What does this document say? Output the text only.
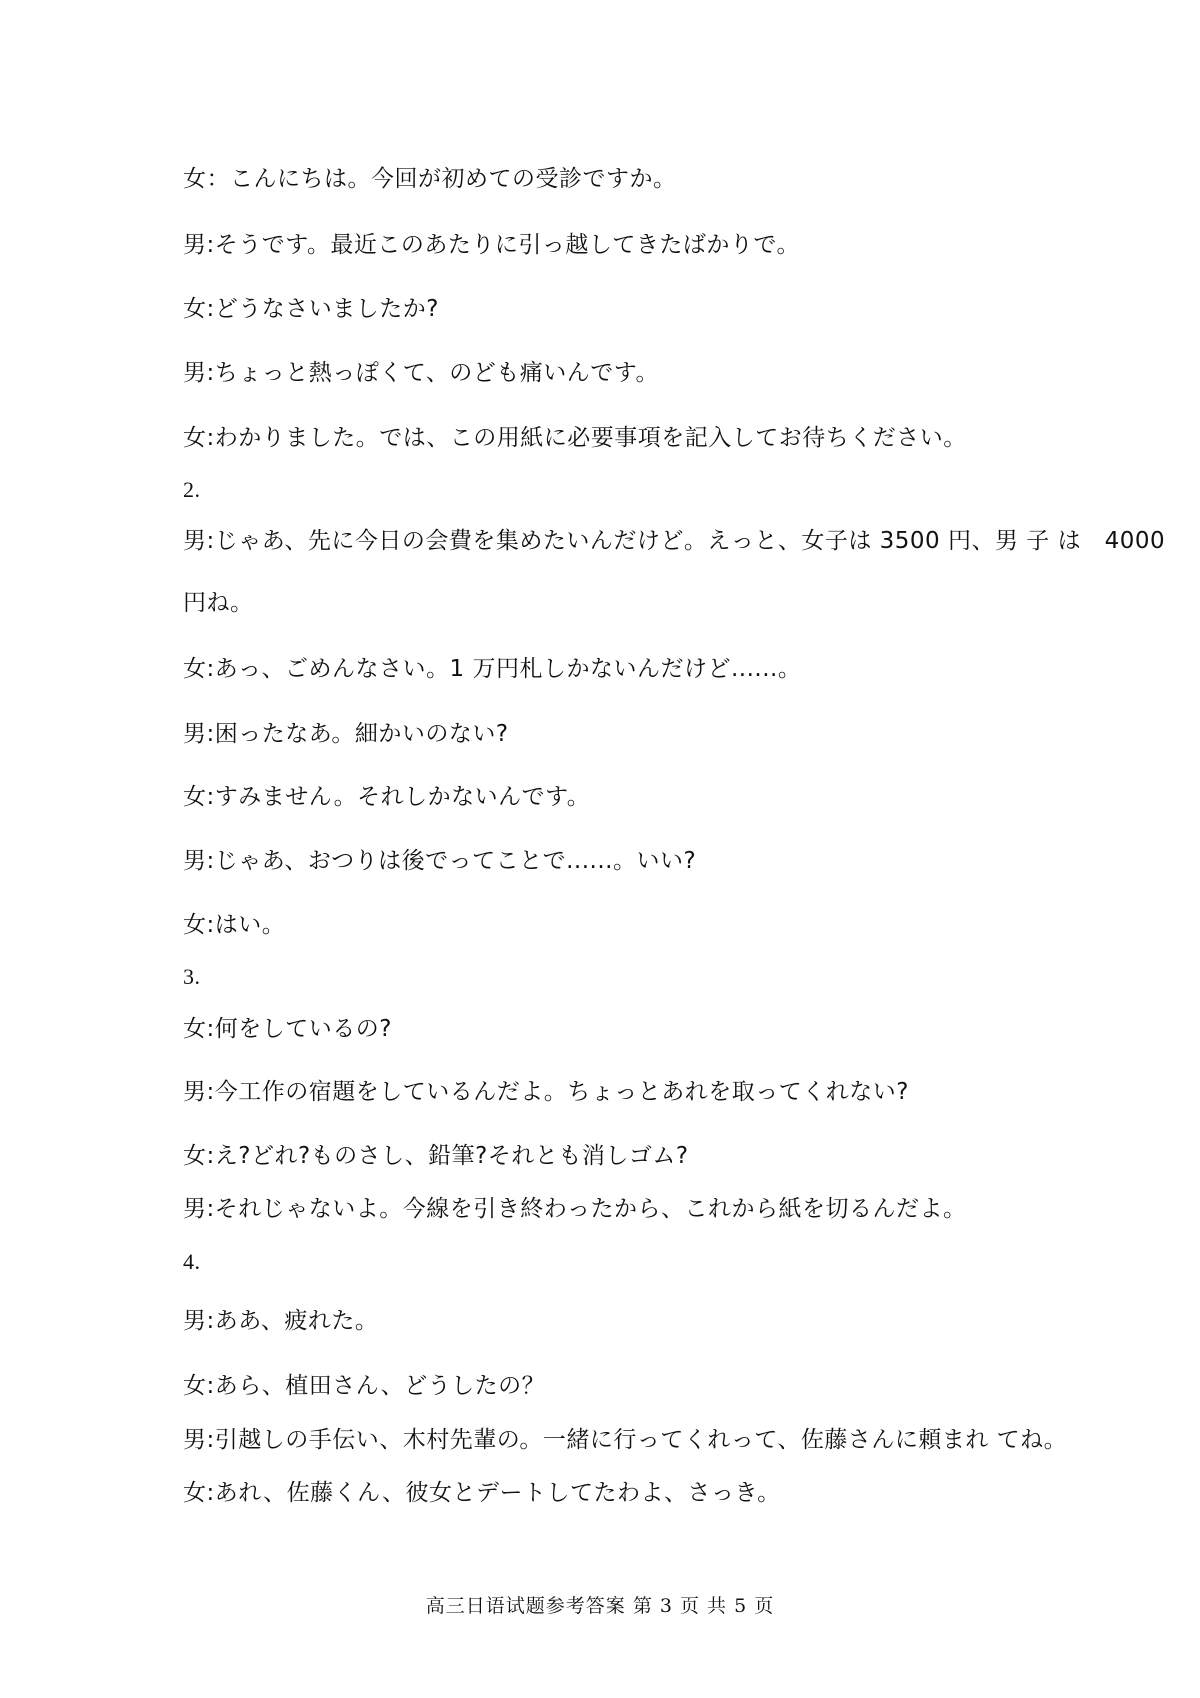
女：こんにちは。今回が初めての受診ですか。
男:そうです。最近このあたりに引っ越してきたばかりで。
女:どうなさいましたか?
男:ちょっと熱っぽくて、のども痛いんです。
女:わかりました。では、この用紙に必要事項を記入してお待ちください。
2.
男:じゃあ、先に今日の会費を集めたいんだけど。えっと、女子は 3500 円、男 子 は　4000
円ね。
女:あっ、ごめんなさい。1 万円札しかないんだけど......。
男:困ったなあ。細かいのない?
女:すみません。それしかないんです。
男:じゃあ、おつりは後でってことで......。いい?
女:はい。
3.
女:何をしているの?
男:今工作の宿題をしているんだよ。ちょっとあれを取ってくれない?
女:え?どれ?ものさし、鉛筆?それとも消しゴム?
男:それじゃないよ。今線を引き終わったから、これから紙を切るんだよ。
4.
男:ああ、疲れた。
女:あら、植田さん、どうしたの？
男:引越しの手伝い、木村先輩の。一緒に行ってくれって、佐藤さんに頼まれ てね。
女:あれ、佐藤くん、彼女とデートしてたわよ、さっき。
高三日语试题参考答案 第 3 页 共 5 页
